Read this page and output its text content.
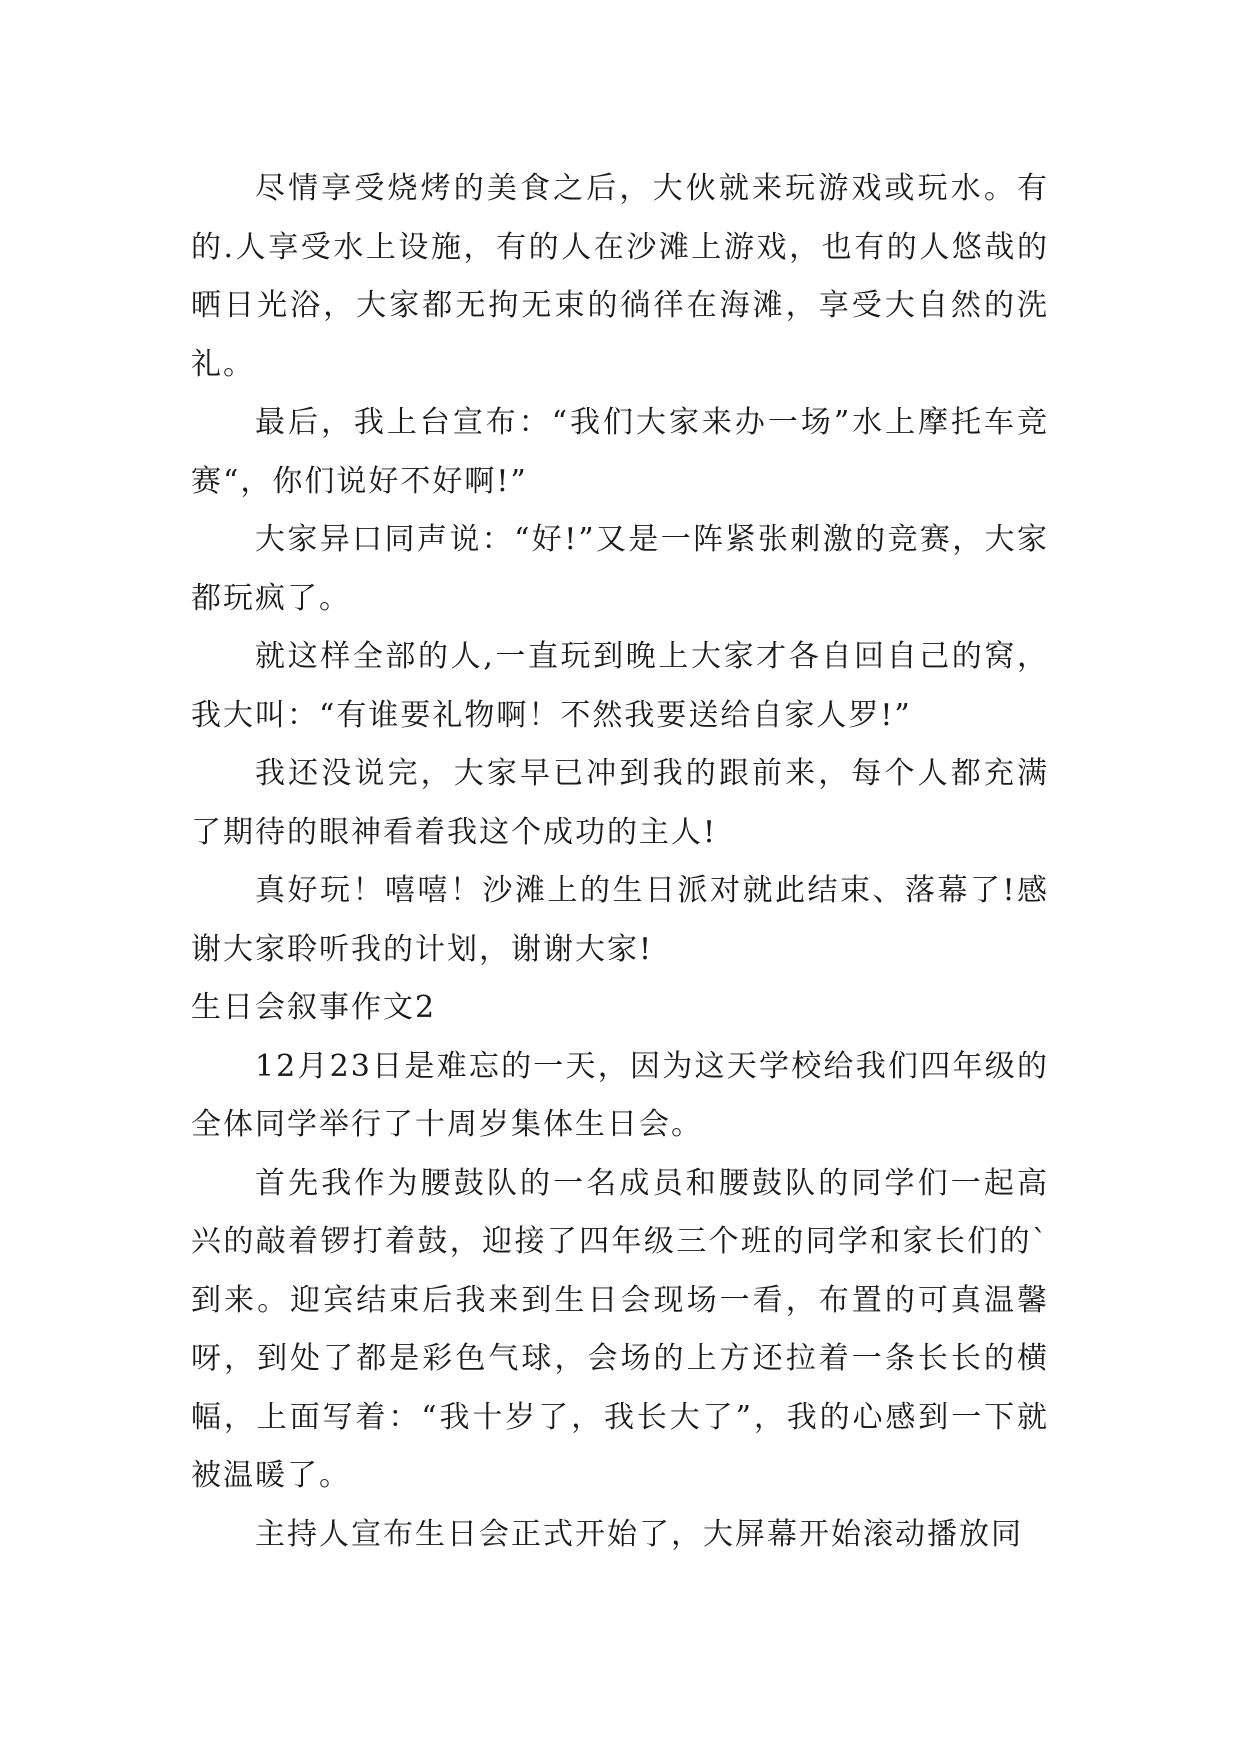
尽情享受烧烤的美食之后，大伙就来玩游戏或玩水。有的.人享受水上设施，有的人在沙滩上游戏，也有的人悠哉的晒日光浴，大家都无拘无束的徜徉在海滩，享受大自然的洗礼。

最后，我上台宣布：“我们大家来办一场”水上摩托车竞赛“，你们说好不好啊!”

大家异口同声说：“好!”又是一阵紧张刺激的竞赛，大家都玩疯了。

就这样全部的人,一直玩到晚上大家才各自回自己的窝，我大叫：“有谁要礼物啊！不然我要送给自家人罗!”

我还没说完，大家早已冲到我的跟前来，每个人都充满了期待的眼神看着我这个成功的主人!

真好玩！嘻嘻！沙滩上的生日派对就此结束、落幕了!感谢大家聆听我的计划，谢谢大家!

生日会叙事作文2

12月23日是难忘的一天，因为这天学校给我们四年级的全体同学举行了十周岁集体生日会。

首先我作为腰鼓队的一名成员和腰鼓队的同学们一起高兴的敲着锣打着鼓，迎接了四年级三个班的同学和家长们的`到来。迎宾结束后我来到生日会现场一看，布置的可真温馨呀，到处了都是彩色气球，会场的上方还拉着一条长长的横幅，上面写着：“我十岁了，我长大了”，我的心感到一下就被温暖了。

主持人宣布生日会正式开始了，大屏幕开始滚动播放同
